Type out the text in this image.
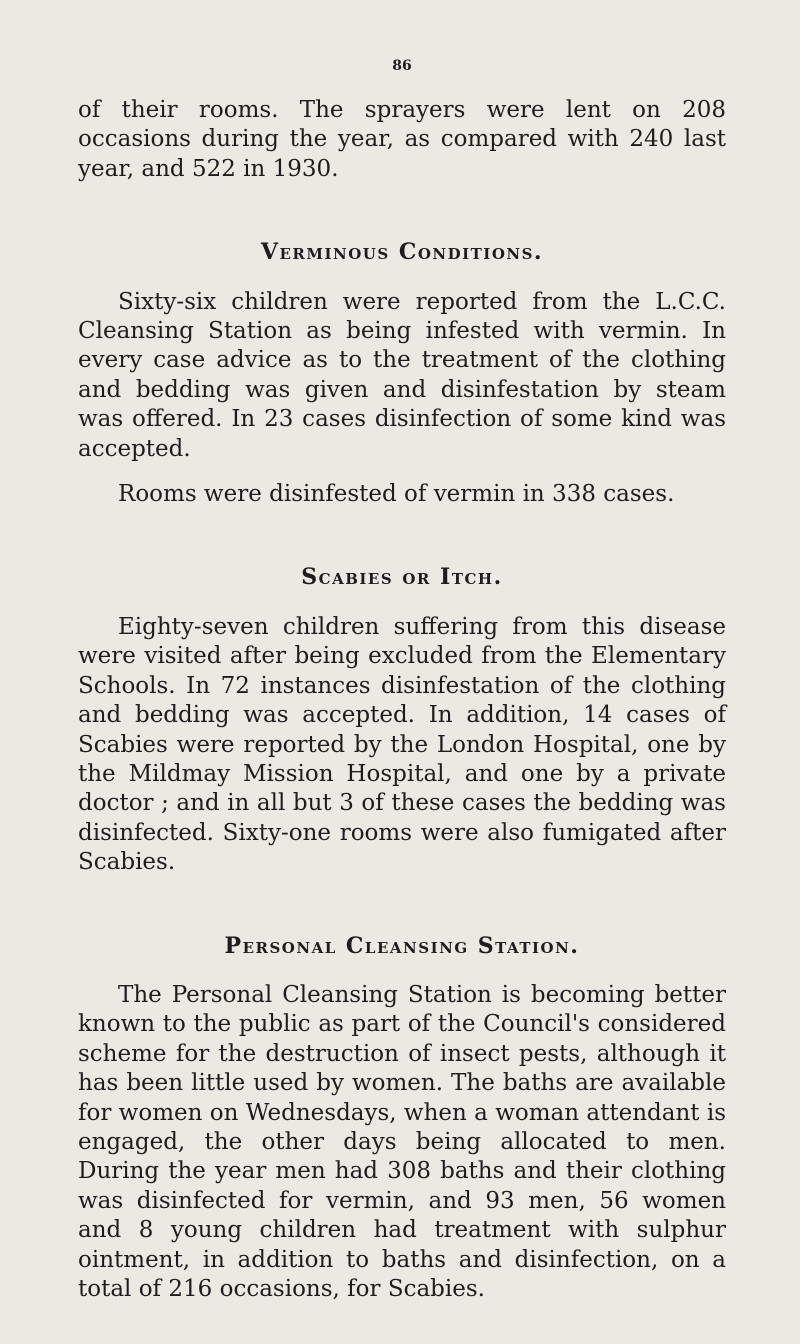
86

of their rooms. The sprayers were lent on 208 occasions during the year, as compared with 240 last year, and 522 in 1930.

Verminous Conditions.

Sixty-six children were reported from the L.C.C. Cleansing Station as being infested with vermin. In every case advice as to the treatment of the clothing and bedding was given and disinfestation by steam was offered. In 23 cases disinfection of some kind was accepted.

Rooms were disinfested of vermin in 338 cases.

Scabies or Itch.

Eighty-seven children suffering from this disease were visited after being excluded from the Elementary Schools. In 72 instances disinfestation of the clothing and bedding was accepted. In addition, 14 cases of Scabies were reported by the London Hospital, one by the Mildmay Mission Hospital, and one by a private doctor ; and in all but 3 of these cases the bedding was disinfected. Sixty-one rooms were also fumigated after Scabies.

Personal Cleansing Station.

The Personal Cleansing Station is becoming better known to the public as part of the Council's considered scheme for the destruction of insect pests, although it has been little used by women. The baths are available for women on Wednesdays, when a woman attendant is engaged, the other days being allocated to men. During the year men had 308 baths and their clothing was disinfected for vermin, and 93 men, 56 women and 8 young children had treatment with sulphur ointment, in addition to baths and disinfection, on a total of 216 occasions, for Scabies.
